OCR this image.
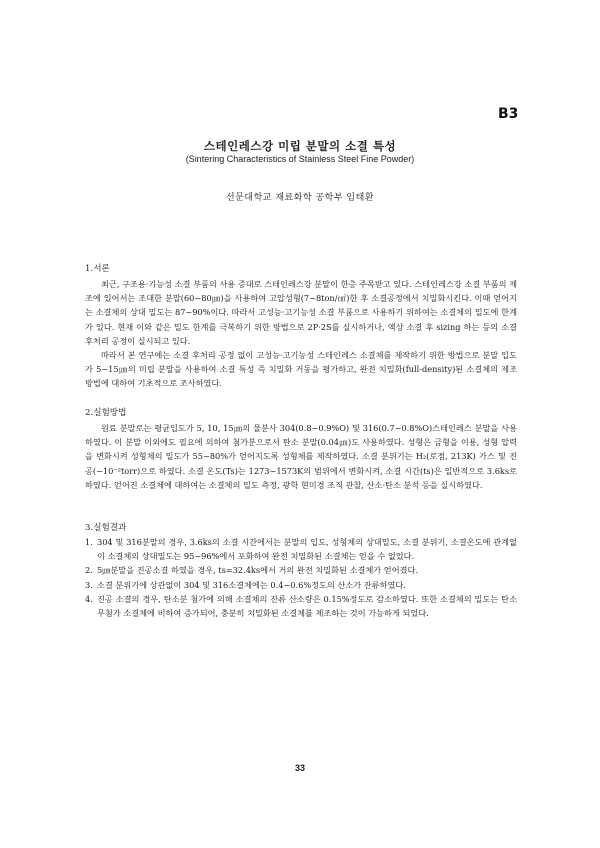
B3
스테인레스강 미립 분말의 소결 특성
(Sintering Characteristics of Stainless Steel Fine Powder)
선문대학교 재료화학 공학부 임태환
1.서론

최근, 구조용·기능성 소결 부품의 사용 증대로 스테인레스강 분말이 한층 주목받고 있다. 스테인레스강 소결 부품의 제조에 있어서는 조대한 분말(60~80㎛)을 사용하여 고압성형(7~8ton/㎠)한 후 소결공정에서 치밀화시킨다. 이때 얻어지는 소결체의 상대 밀도는 87~90%이다. 따라서 고성능·고기능성 소결 부품으로 사용하기 위하여는 소결체의 밀도에 한계가 있다. 현재 이와 같은 밀도 한계를 극복하기 위한 방법으로 2P·2S를 실시하거나, 액상 소결 후 sizing 하는 등의 소결 후처리 공정이 실시되고 있다.

따라서 본 연구에는 소결 후처리 공정 없이 고성능·고기능성 스테인레스 소결체를 제작하기 위한 방법으로 분말 입도가 5~15㎛의 미립 분말을 사용하여 소결 특성 즉 치밀화 거동을 평가하고, 완전 치밀화(full-density)된 소결체의 제조 방법에 대하여 기초적으로 조사하였다.

2.실험방법

원료 분말로는 평균입도가 5, 10, 15㎛의 물분사 304(0.8~0.9%O) 및 316(0.7~0.8%O)스테인레스 분말을 사용하였다. 이 분말 이외에도 필요에 의하여 첨가분으로서 탄소 분말(0.04㎛)도 사용하였다. 성형은 금형을 이용, 성형 압력을 변화시켜 성형체의 밀도가 55~80%가 얻어지도록 성형체를 제작하였다. 소결 분위기는 H₂(로점, 213K) 가스 및 진공(~10⁻²torr)으로 하였다. 소결 온도(Ts)는 1273~1573K의 범위에서 변화시켜, 소결 시간(ts)은 일반적으로 3.6ks로 하였다. 얻어진 소결체에 대하여는 소결체의 밀도 측정, 광학 현미경 조직 관찰, 산소·탄소 분석 등을 실시하였다.

3.실험결과
1. 304 및 316분말의 경우, 3.6ks의 소결 시간에서는 분말의 입도, 성형체의 상대밀도, 소결 분위기, 소결온도에 관계없이 소결체의 상대밀도는 95~96%에서 포화하여 완전 치밀화된 소결체는 얻을 수 없었다.
2. 5㎛분말을 진공소결 하였을 경우, ts=32.4ks에서 거의 완전 치밀화된 소결체가 얻어졌다.
3. 소결 분위기에 상관없이 304 및 316소결체에는 0.4~0.6%정도의 산소가 잔류하였다.
4. 진공 소결의 경우, 탄소분 첨가에 의해 소결체의 잔류 산소량은 0.15%정도로 감소하였다. 또한 소결체의 밀도는 탄소 무첨가 소결체에 비하여 증가되어, 충분히 치밀화된 소결체를 제조하는 것이 가능하게 되었다.
33
